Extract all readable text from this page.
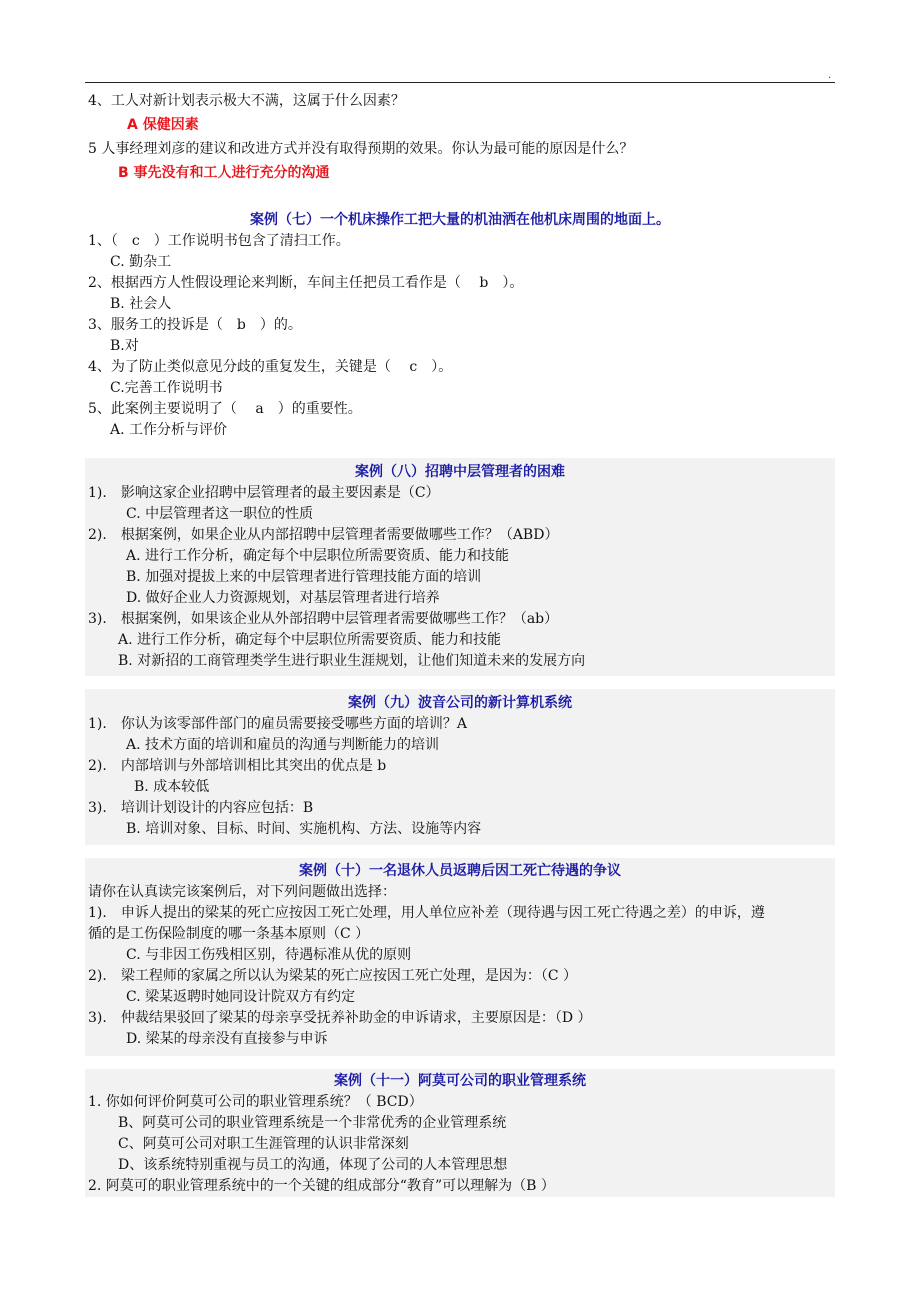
.
4、工人对新计划表示极大不满，这属于什么因素？
A 保健因素
5 人事经理刘彦的建议和改进方式并没有取得预期的效果。你认为最可能的原因是什么？
B 事先没有和工人进行充分的沟通
案例（七）一个机床操作工把大量的机油洒在他机床周围的地面上。
1、（　c　）工作说明书包含了清扫工作。
C. 勤杂工
2、根据西方人性假设理论来判断，车间主任把员工看作是（　 b　）。
B. 社会人
3、服务工的投诉是（　b　）的。
B.对
4、为了防止类似意见分歧的重复发生，关键是（　 c　）。
C.完善工作说明书
5、此案例主要说明了（　 a　）的重要性。
A. 工作分析与评价
案例（八）招聘中层管理者的困难
1).　影响这家企业招聘中层管理者的最主要因素是（C）
C. 中层管理者这一职位的性质
2).　根据案例，如果企业从内部招聘中层管理者需要做哪些工作？（ABD）
A. 进行工作分析，确定每个中层职位所需要资质、能力和技能
B. 加强对提拔上来的中层管理者进行管理技能方面的培训
D. 做好企业人力资源规划，对基层管理者进行培养
3).　根据案例，如果该企业从外部招聘中层管理者需要做哪些工作？（ab）
A. 进行工作分析，确定每个中层职位所需要资质、能力和技能
B. 对新招的工商管理类学生进行职业生涯规划，让他们知道未来的发展方向
案例（九）波音公司的新计算机系统
1).　你认为该零部件部门的雇员需要接受哪些方面的培训？A
A. 技术方面的培训和雇员的沟通与判断能力的培训
2).　内部培训与外部培训相比其突出的优点是 b
B. 成本较低
3).　培训计划设计的内容应包括：B
B. 培训对象、目标、时间、实施机构、方法、设施等内容
案例（十）一名退休人员返聘后因工死亡待遇的争议
请你在认真读完该案例后，对下列问题做出选择：
1).　申诉人提出的梁某的死亡应按因工死亡处理，用人单位应补差（现待遇与因工死亡待遇之差）的申诉，遵
循的是工伤保险制度的哪一条基本原则（C ）
C. 与非因工伤残相区别，待遇标准从优的原则
2).　梁工程师的家属之所以认为梁某的死亡应按因工死亡处理，是因为：（C ）
C. 梁某返聘时她同设计院双方有约定
3).　仲裁结果驳回了梁某的母亲享受抚养补助金的申诉请求，主要原因是：（D ）
D. 梁某的母亲没有直接参与申诉
案例（十一）阿莫可公司的职业管理系统
1. 你如何评价阿莫可公司的职业管理系统？（ BCD）
B、阿莫可公司的职业管理系统是一个非常优秀的企业管理系统
C、阿莫可公司对职工生涯管理的认识非常深刻
D、该系统特别重视与员工的沟通，体现了公司的人本管理思想
2. 阿莫可的职业管理系统中的一个关键的组成部分“教育”可以理解为（B ）
